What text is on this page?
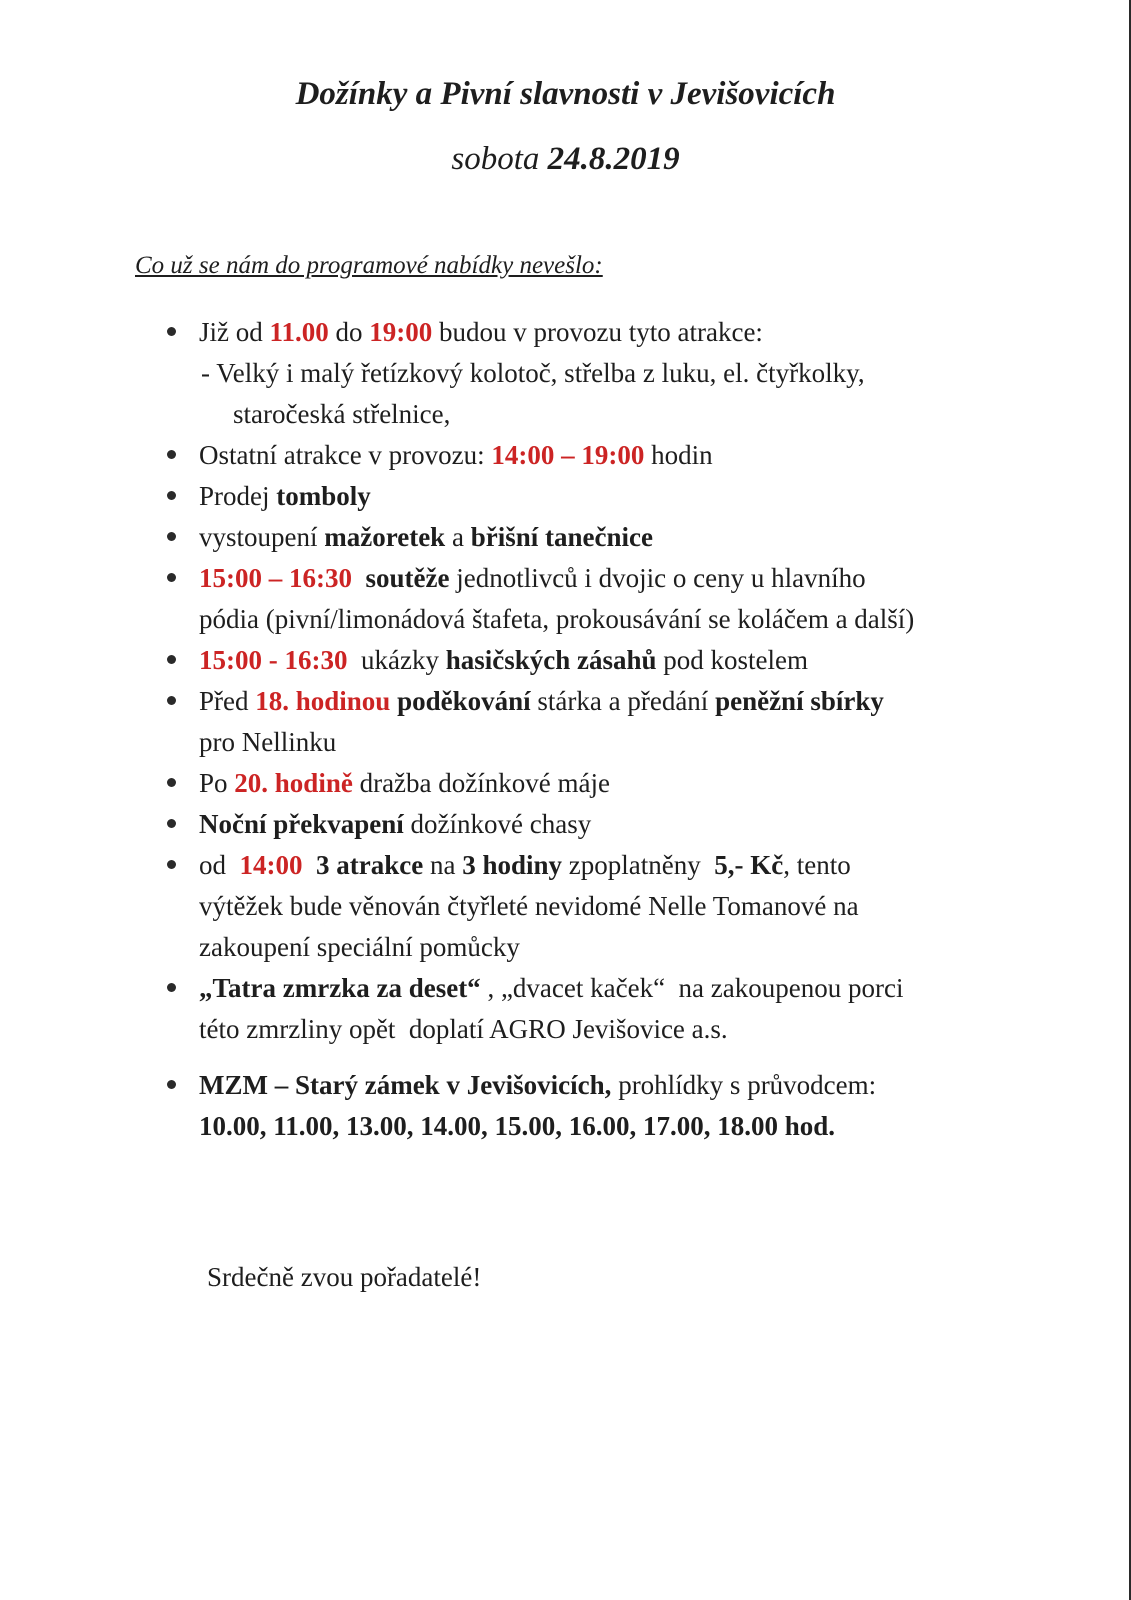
Dožínky a Pivní slavnosti v Jevišovicích
sobota 24.8.2019
Co už se nám do programové nabídky nevešlo:
Již od 11.00 do 19:00 budou v provozu tyto atrakce:
- Velký i malý řetízkový kolotoč, střelba z luku, el. čtyřkolky,
staročeská střelnice,
Ostatní atrakce v provozu: 14:00 – 19:00 hodin
Prodej tomboly
vystoupení mažoretek a břišní tanečnice
15:00 – 16:30 soutěže jednotlivců i dvojic o ceny u hlavního
pódia (pivní/limonádová štafeta, prokousávání se koláčem a další)
15:00 - 16:30  ukázky hasičských zásahů pod kostelem
Před 18. hodinou poděkování stárka a předání peněžní sbírky
pro Nellinku
Po 20. hodině dražba dožínkové máje
Noční překvapení dožínkové chasy
od  14:00 3 atrakce na 3 hodiny zpoplatněny  5,- Kč, tento
výtěžek bude věnován čtyřleté nevidomé Nelle Tomanové na
zakoupení speciální pomůcky
„Tatra zmrzka za deset“ , „dvacet kaček“  na zakoupenou porci
této zmrzliny opět  doplatí AGRO Jevišovice a.s.
MZM – Starý zámek v Jevišovicích, prohlídky s průvodcem:
10.00, 11.00, 13.00, 14.00, 15.00, 16.00, 17.00, 18.00 hod.
Srdečně zvou pořadatelé!
